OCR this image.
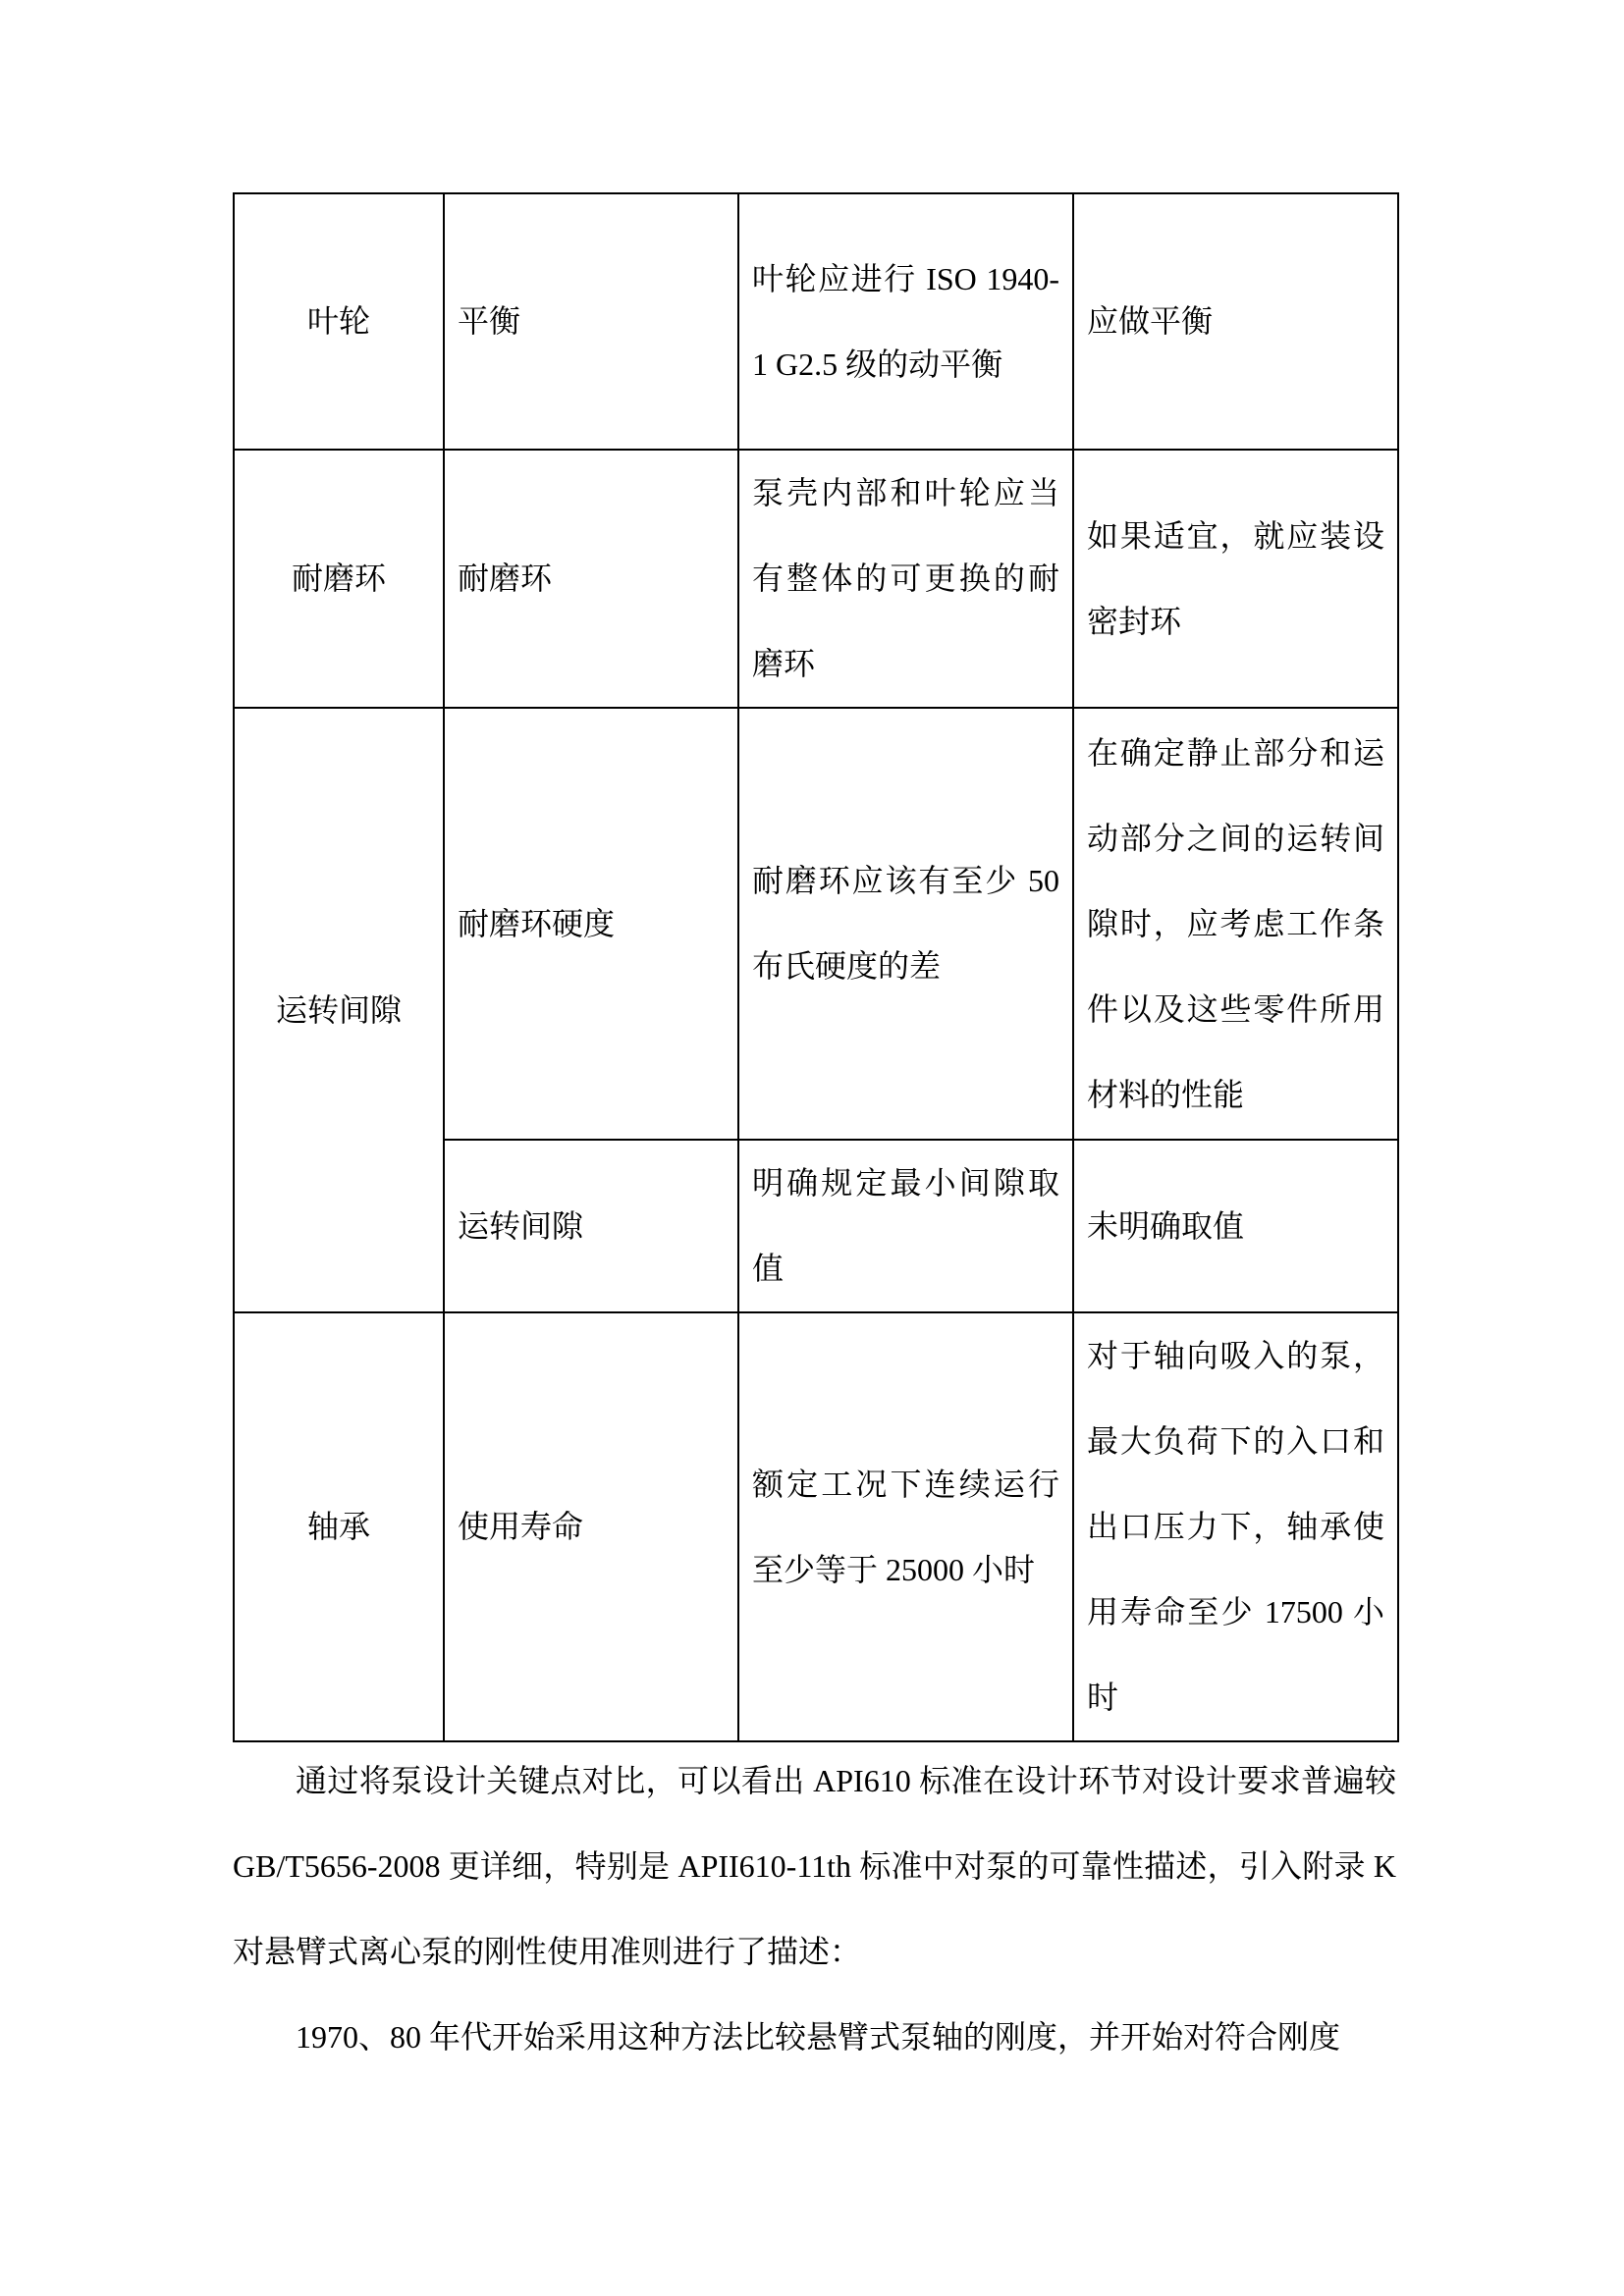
叶轮	平衡	叶轮应进行 ISO 1940-1 G2.5 级的动平衡	应做平衡
耐磨环	耐磨环	泵壳内部和叶轮应当有整体的可更换的耐磨环	如果适宜，就应装设密封环
运转间隙	耐磨环硬度	耐磨环应该有至少 50 布氏硬度的差	在确定静止部分和运动部分之间的运转间隙时，应考虑工作条件以及这些零件所用材料的性能
	运转间隙	明确规定最小间隙取值	未明确取值
轴承	使用寿命	额定工况下连续运行至少等于 25000 小时	对于轴向吸入的泵，最大负荷下的入口和出口压力下，轴承使用寿命至少 17500 小时

通过将泵设计关键点对比，可以看出 API610 标准在设计环节对设计要求普遍较 GB/T5656-2008 更详细，特别是 APII610-11th 标准中对泵的可靠性描述，引入附录 K 对悬臂式离心泵的刚性使用准则进行了描述：

1970、80 年代开始采用这种方法比较悬臂式泵轴的刚度，并开始对符合刚度
